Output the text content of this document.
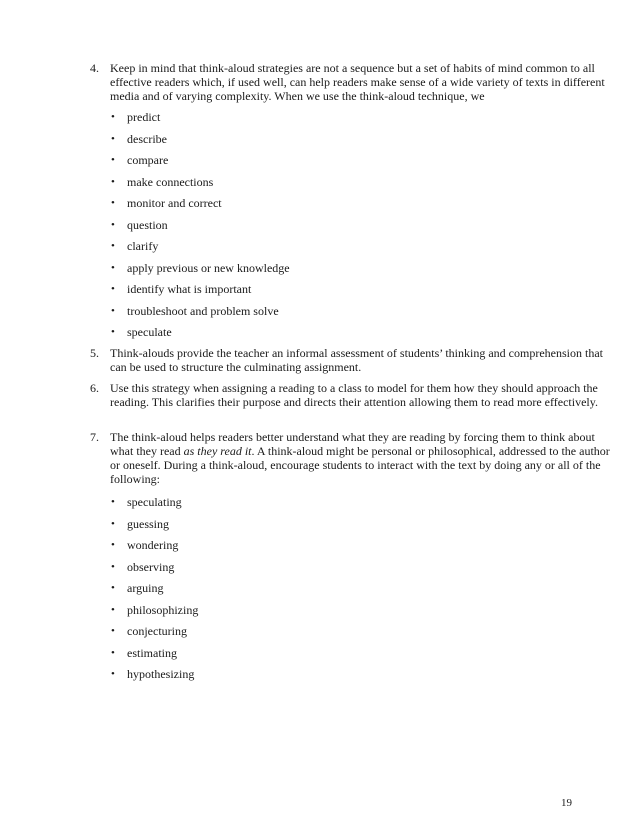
4. Keep in mind that think-aloud strategies are not a sequence but a set of habits of mind common to all effective readers which, if used well, can help readers make sense of a wide variety of texts in different media and of varying complexity. When we use the think-aloud technique, we
• predict
• describe
• compare
• make connections
• monitor and correct
• question
• clarify
• apply previous or new knowledge
• identify what is important
• troubleshoot and problem solve
• speculate
5. Think-alouds provide the teacher an informal assessment of students’ thinking and comprehension that can be used to structure the culminating assignment.
6. Use this strategy when assigning a reading to a class to model for them how they should approach the reading. This clarifies their purpose and directs their attention allowing them to read more effectively.
7. The think-aloud helps readers better understand what they are reading by forcing them to think about what they read as they read it. A think-aloud might be personal or philosophical, addressed to the author or oneself. During a think-aloud, encourage students to interact with the text by doing any or all of the following:
• speculating
• guessing
• wondering
• observing
• arguing
• philosophizing
• conjecturing
• estimating
• hypothesizing
19
